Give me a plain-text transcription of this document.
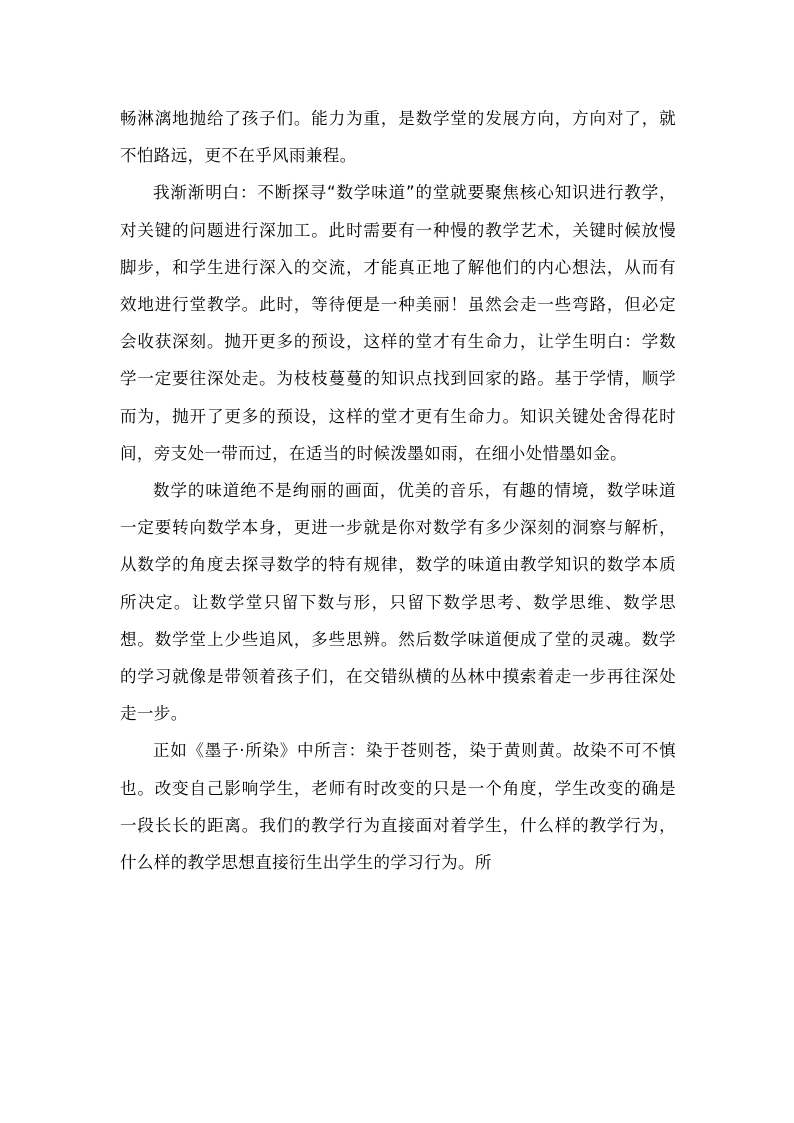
畅淋漓地抛给了孩子们。能力为重，是数学堂的发展方向，方向对了，就不怕路远，更不在乎风雨兼程。

我渐渐明白：不断探寻“数学味道”的堂就要聚焦核心知识进行教学，对关键的问题进行深加工。此时需要有一种慢的教学艺术，关键时候放慢脚步，和学生进行深入的交流，才能真正地了解他们的内心想法，从而有效地进行堂教学。此时，等待便是一种美丽！虽然会走一些弯路，但必定会收获深刻。抛开更多的预设，这样的堂才有生命力，让学生明白：学数学一定要往深处走。为枝枝蔓蔓的知识点找到回家的路。基于学情，顺学而为，抛开了更多的预设，这样的堂才更有生命力。知识关键处舍得花时间，旁支处一带而过，在适当的时候泼墨如雨，在细小处惜墨如金。

数学的味道绝不是绚丽的画面，优美的音乐，有趣的情境，数学味道一定要转向数学本身，更进一步就是你对数学有多少深刻的洞察与解析，从数学的角度去探寻数学的特有规律，数学的味道由教学知识的数学本质所决定。让数学堂只留下数与形，只留下数学思考、数学思维、数学思想。数学堂上少些追风，多些思辨。然后数学味道便成了堂的灵魂。数学的学习就像是带领着孩子们，在交错纵横的丛林中摸索着走一步再往深处走一步。

正如《墨子·所染》中所言：染于苍则苍，染于黄则黄。故染不可不慎也。改变自己影响学生，老师有时改变的只是一个角度，学生改变的确是一段长长的距离。我们的教学行为直接面对着学生，什么样的教学行为，什么样的教学思想直接衍生出学生的学习行为。所
